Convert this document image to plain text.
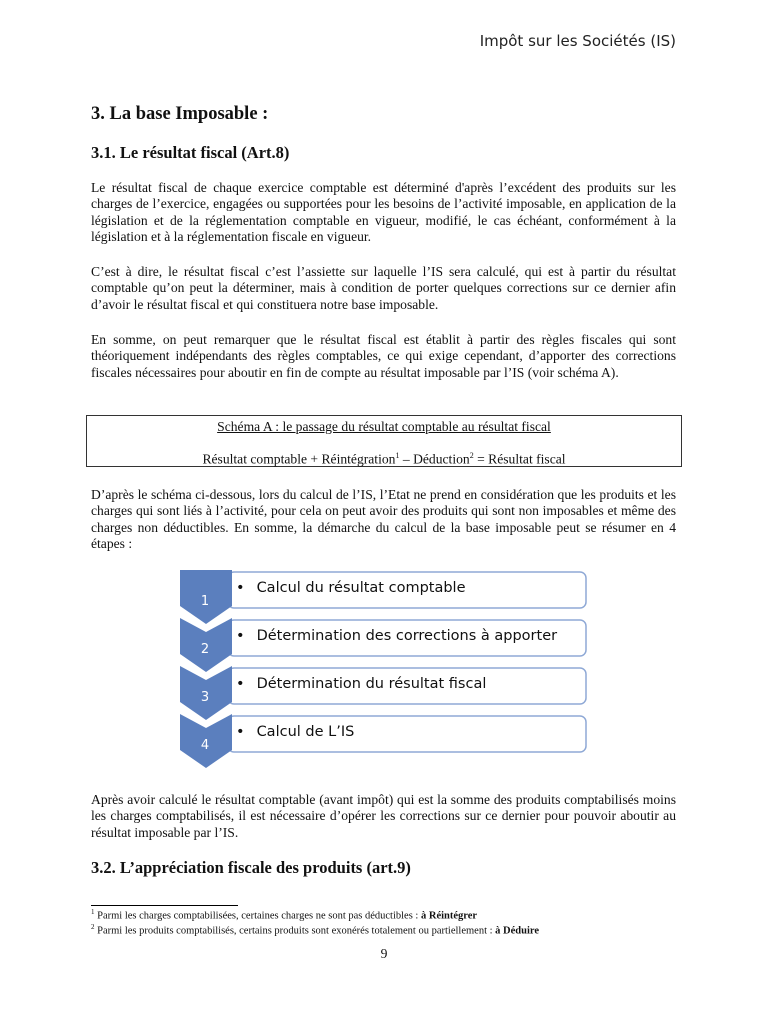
Impôt sur les Sociétés (IS)
3. La base Imposable :
3.1. Le résultat fiscal (Art.8)

Le résultat fiscal de chaque exercice comptable est déterminé d'après l’excédent des produits sur les charges de l’exercice, engagées ou supportées pour les besoins de l’activité imposable, en application de la législation et de la réglementation comptable en vigueur, modifié, le cas échéant, conformément à la législation et à la réglementation fiscale en vigueur.

C’est à dire, le résultat fiscal c’est l’assiette sur laquelle l’IS sera calculé, qui est à partir du résultat comptable qu’on peut la déterminer, mais à condition de porter quelques corrections sur ce dernier afin d’avoir le résultat fiscal et qui constituera notre base imposable.

En somme, on peut remarquer que le résultat fiscal est établit à partir des règles fiscales qui sont théoriquement indépendants des règles comptables, ce qui exige cependant, d’apporter des corrections fiscales nécessaires pour aboutir en fin de compte au résultat imposable par l’IS (voir schéma A).

Schéma A : le passage du résultat comptable au résultat fiscal
Résultat comptable + Réintégration$^1$ – Déduction$^2$ = Résultat fiscal

D’après le schéma ci-dessous, lors du calcul de l’IS, l’Etat ne prend en considération que les produits et les charges qui sont liés à l’activité, pour cela on peut avoir des produits qui sont non imposables et même des charges non déductibles. En somme, la démarche du calcul de la base imposable peut se résumer en 4 étapes :

1
2
3
4
• Calcul du résultat comptable
• Détermination des corrections à apporter
• Détermination du résultat fiscal
• Calcul de L’IS

Après avoir calculé le résultat comptable (avant impôt) qui est la somme des produits comptabilisés moins les charges comptabilisés, il est nécessaire d’opérer les corrections sur ce dernier pour pouvoir aboutir au résultat imposable par l’IS.

3.2. L’appréciation fiscale des produits (art.9)

$^1$ Parmi les charges comptabilisées, certaines charges ne sont pas déductibles : à Réintégrer

$^2$ Parmi les produits comptabilisés, certains produits sont exonérés totalement ou partiellement : à Déduire

9
